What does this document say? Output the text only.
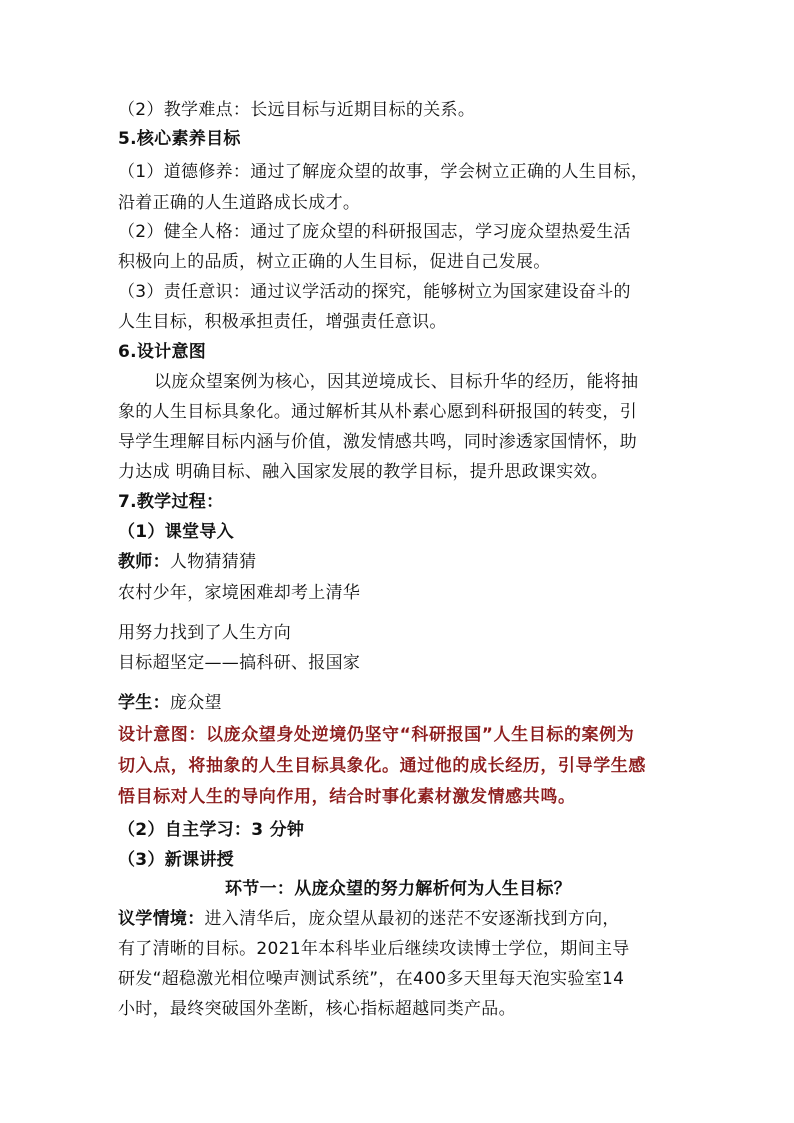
（2）教学难点：长远目标与近期目标的关系。
5.核心素养目标
（1）道德修养：通过了解庞众望的故事，学会树立正确的人生目标，
沿着正确的人生道路成长成才。
（2）健全人格：通过了庞众望的科研报国志，学习庞众望热爱生活
积极向上的品质，树立正确的人生目标，促进自己发展。
（3）责任意识：通过议学活动的探究，能够树立为国家建设奋斗的
人生目标，积极承担责任，增强责任意识。
6.设计意图
以庞众望案例为核心，因其逆境成长、目标升华的经历，能将抽
象的人生目标具象化。通过解析其从朴素心愿到科研报国的转变，引
导学生理解目标内涵与价值，激发情感共鸣，同时渗透家国情怀，助
力达成 明确目标、融入国家发展的教学目标，提升思政课实效。
7.教学过程：
（1）课堂导入
教师：人物猜猜猜
农村少年，家境困难却考上清华
用努力找到了人生方向
目标超坚定——搞科研、报国家
学生：庞众望
设计意图：以庞众望身处逆境仍坚守“科研报国”人生目标的案例为
切入点，将抽象的人生目标具象化。通过他的成长经历，引导学生感
悟目标对人生的导向作用，结合时事化素材激发情感共鸣。
（2）自主学习：3 分钟
（3）新课讲授
环节一：从庞众望的努力解析何为人生目标？
议学情境：进入清华后，庞众望从最初的迷茫不安逐渐找到方向，
有了清晰的目标。2021年本科毕业后继续攻读博士学位，期间主导
研发“超稳激光相位噪声测试系统”，在400多天里每天泡实验室14
小时，最终突破国外垄断，核心指标超越同类产品。
